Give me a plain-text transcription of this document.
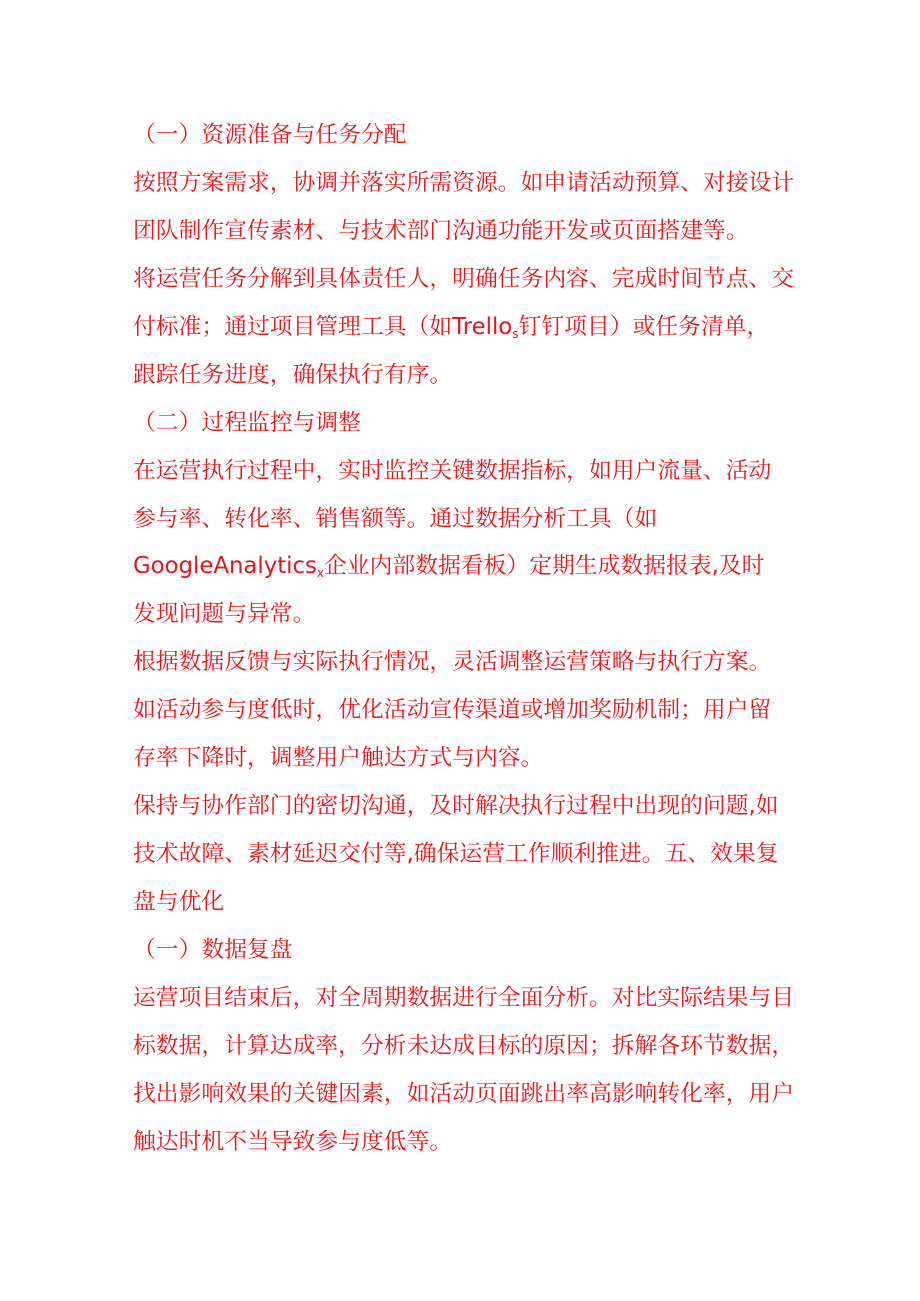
（一）资源准备与任务分配
按照方案需求，协调并落实所需资源。如申请活动预算、对接设计
团队制作宣传素材、与技术部门沟通功能开发或页面搭建等。
将运营任务分解到具体责任人，明确任务内容、完成时间节点、交
付标准；通过项目管理工具（如Trello$_s$钉钉项目）或任务清单，
跟踪任务进度，确保执行有序。
（二）过程监控与调整
在运营执行过程中，实时监控关键数据指标，如用户流量、活动
参与率、转化率、销售额等。通过数据分析工具（如
GoogleAnalytics$_x$企业内部数据看板）定期生成数据报表,及时
发现问题与异常。
根据数据反馈与实际执行情况，灵活调整运营策略与执行方案。
如活动参与度低时，优化活动宣传渠道或增加奖励机制；用户留
存率下降时，调整用户触达方式与内容。
保持与协作部门的密切沟通，及时解决执行过程中出现的问题,如
技术故障、素材延迟交付等,确保运营工作顺利推进。五、效果复
盘与优化
（一）数据复盘
运营项目结束后，对全周期数据进行全面分析。对比实际结果与目
标数据，计算达成率，分析未达成目标的原因；拆解各环节数据，
找出影响效果的关键因素，如活动页面跳出率高影响转化率，用户
触达时机不当导致参与度低等。
